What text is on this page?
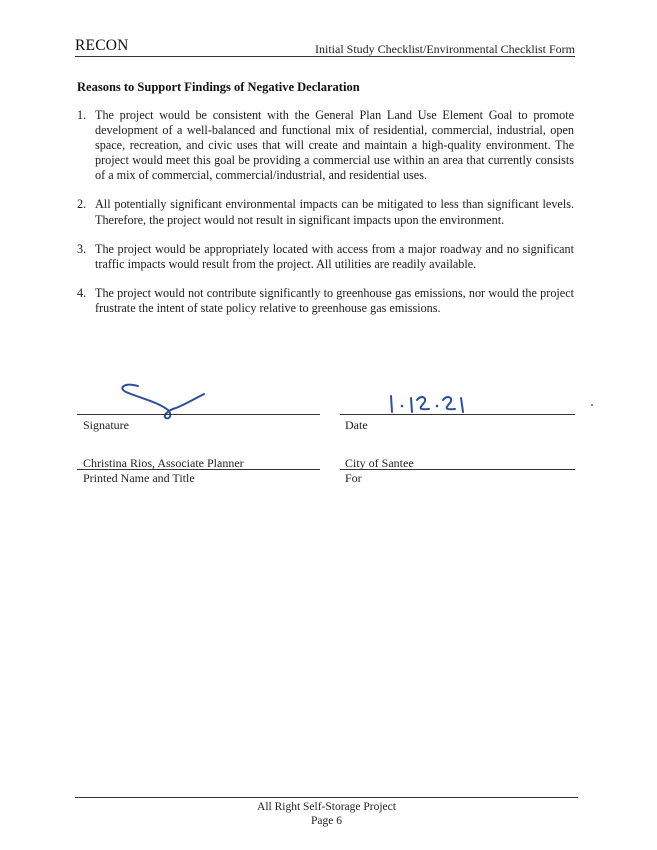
RECON	Initial Study Checklist/Environmental Checklist Form
Reasons to Support Findings of Negative Declaration
1. The project would be consistent with the General Plan Land Use Element Goal to promote development of a well-balanced and functional mix of residential, commercial, industrial, open space, recreation, and civic uses that will create and maintain a high-quality environment. The project would meet this goal be providing a commercial use within an area that currently consists of a mix of commercial, commercial/industrial, and residential uses.
2. All potentially significant environmental impacts can be mitigated to less than significant levels. Therefore, the project would not result in significant impacts upon the environment.
3. The project would be appropriately located with access from a major roadway and no significant traffic impacts would result from the project. All utilities are readily available.
4. The project would not contribute significantly to greenhouse gas emissions, nor would the project frustrate the intent of state policy relative to greenhouse gas emissions.
Signature	Date
Christina Rios, Associate Planner
Printed Name and Title
City of Santee
For
All Right Self-Storage Project
Page 6
